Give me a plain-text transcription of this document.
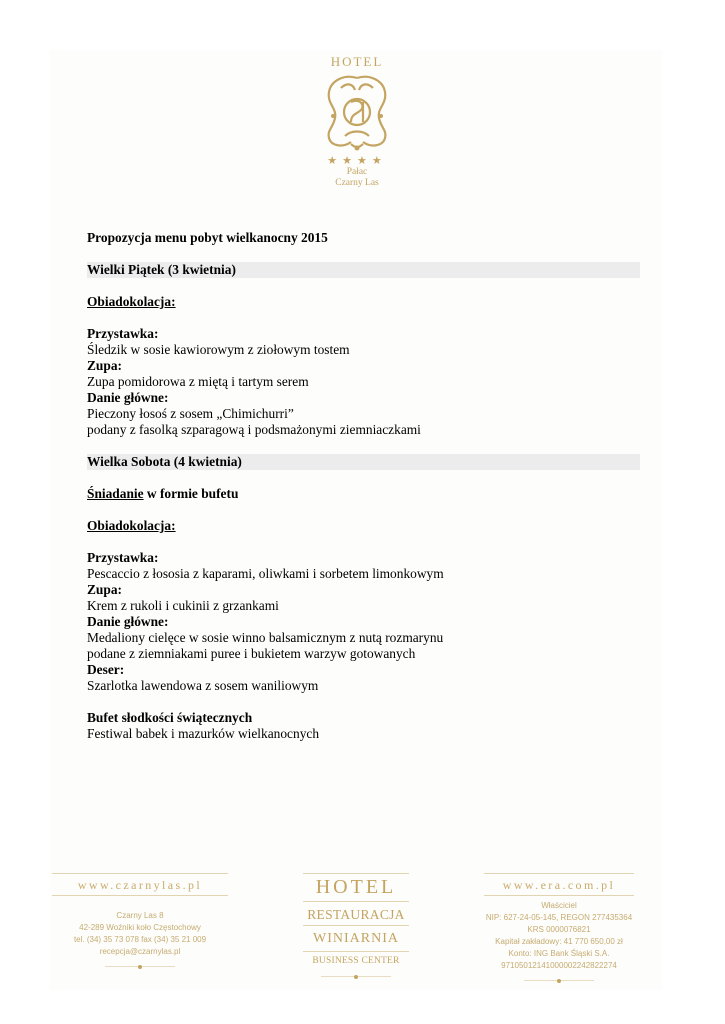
HOTEL
★★★★
Pałac
Czarny Las

Propozycja menu pobyt wielkanocny 2015

Wielki Piątek (3 kwietnia)

Obiadokolacja:

Przystawka:

Śledzik w sosie kawiorowym z ziołowym tostem

Zupa:

Zupa pomidorowa z miętą i tartym serem

Danie główne:

Pieczony łosoś z sosem „Chimichurri”

podany z fasolką szparagową i podsmażonymi ziemniaczkami

Wielka Sobota (4 kwietnia)

Śniadanie w formie bufetu

Obiadokolacja:

Przystawka:

Pescaccio z łososia z kaparami, oliwkami i sorbetem limonkowym

Zupa:

Krem z rukoli i cukinii z grzankami

Danie główne:

Medaliony cielęce w sosie winno balsamicznym z nutą rozmarynu

podane z ziemniakami puree i bukietem warzyw gotowanych

Deser:

Szarlotka lawendowa z sosem waniliowym

Bufet słodkości świątecznych

Festiwal babek i mazurków wielkanocnych

www.czarnylas.pl
Czarny Las 8
42-289 Woźniki koło Częstochowy
tel. (34) 35 73 078 fax (34) 35 21 009
recepcja@czarnylas.pl
HOTEL
RESTAURACJA
WINIARNIA
BUSINESS CENTER
www.era.com.pl
Właściciel
NIP: 627-24-05-145, REGON 277435364
KRS 0000076821
Kapitał zakładowy: 41 770 650,00 zł
Konto: ING Bank Śląski S.A.
97105012141000002242822274
